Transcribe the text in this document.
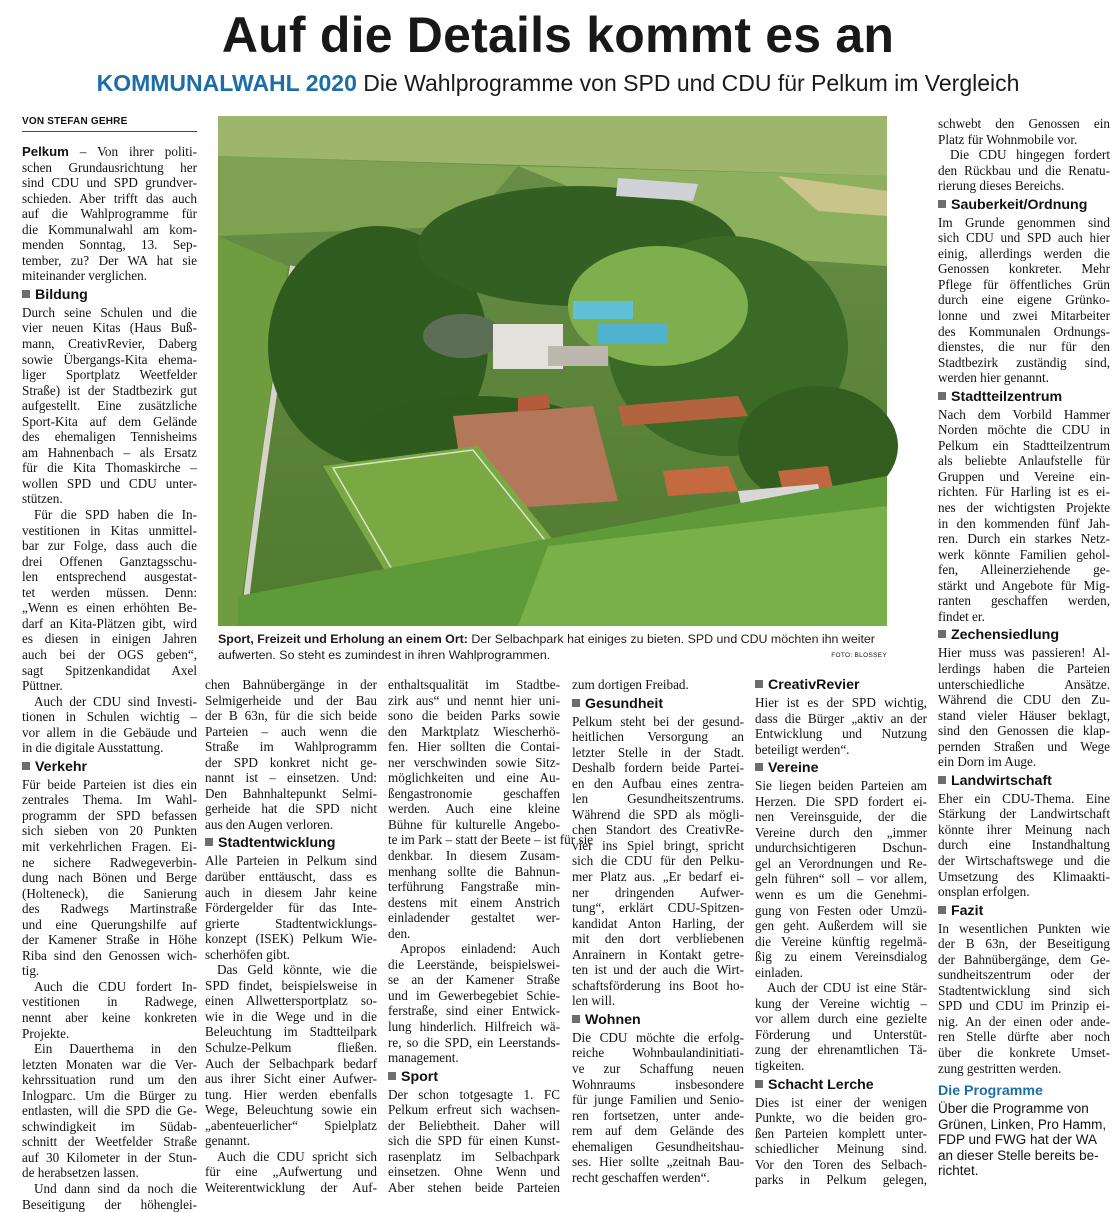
Auf die Details kommt es an
KOMMUNALWAHL 2020 Die Wahlprogramme von SPD und CDU für Pelkum im Vergleich
VON STEFAN GEHRE
Pelkum – Von ihrer politi-
schen Grundausrichtung her
sind CDU und SPD grundver-
schieden. Aber trifft das auch
auf die Wahlprogramme für
die Kommunalwahl am kom-
menden Sonntag, 13. Sep-
tember, zu? Der WA hat sie
miteinander verglichen.
Bildung
Durch seine Schulen und die
vier neuen Kitas (Haus Buß-
mann, CreativRevier, Daberg
sowie Übergangs-Kita ehema-
liger Sportplatz Weetfelder
Straße) ist der Stadtbezirk gut
aufgestellt. Eine zusätzliche
Sport-Kita auf dem Gelände
des ehemaligen Tennisheims
am Hahnenbach – als Ersatz
für die Kita Thomaskirche –
wollen SPD und CDU unter-
stützen.
Für die SPD haben die In-
vestitionen in Kitas unmittel-
bar zur Folge, dass auch die
drei Offenen Ganztagsschu-
len entsprechend ausgestat-
tet werden müssen. Denn:
„Wenn es einen erhöhten Be-
darf an Kita-Plätzen gibt, wird
es diesen in einigen Jahren
auch bei der OGS geben“,
sagt Spitzenkandidat Axel
Püttner.
Auch der CDU sind Investi-
tionen in Schulen wichtig –
vor allem in die Gebäude und
in die digitale Ausstattung.
Verkehr
Für beide Parteien ist dies ein
zentrales Thema. Im Wahl-
programm der SPD befassen
sich sieben von 20 Punkten
mit verkehrlichen Fragen. Ei-
ne sichere Radwegeverbin-
dung nach Bönen und Berge
(Holteneck), die Sanierung
des Radwegs Martinstraße
und eine Querungshilfe auf
der Kamener Straße in Höhe
Riba sind den Genossen wich-
tig.
Auch die CDU fordert In-
vestitionen in Radwege,
nennt aber keine konkreten
Projekte.
Ein Dauerthema in den
letzten Monaten war die Ver-
kehrssituation rund um den
Inlogparc. Um die Bürger zu
entlasten, will die SPD die Ge-
schwindigkeit im Südab-
schnitt der Weetfelder Straße
auf 30 Kilometer in der Stun-
de herabsetzen lassen.
Und dann sind da noch die
Beseitigung der höhenglei-
chen Bahnübergänge in der
Selmigerheide und der Bau
der B 63n, für die sich beide
Parteien – auch wenn die
Straße im Wahlprogramm
der SPD konkret nicht ge-
nannt ist – einsetzen. Und:
Den Bahnhaltepunkt Selmi-
gerheide hat die SPD nicht
aus den Augen verloren.
Stadtentwicklung
Alle Parteien in Pelkum sind
darüber enttäuscht, dass es
auch in diesem Jahr keine
Fördergelder für das Inte-
grierte Stadtentwicklungs-
konzept (ISEK) Pelkum Wie-
scherhöfen gibt.
Das Geld könnte, wie die
SPD findet, beispielsweise in
einen Allwettersportplatz so-
wie in die Wege und in die
Beleuchtung im Stadtteilpark
Schulze-Pelkum fließen.
Auch der Selbachpark bedarf
aus ihrer Sicht einer Aufwer-
tung. Hier werden ebenfalls
Wege, Beleuchtung sowie ein
„abenteuerlicher“ Spielplatz
genannt.
Auch die CDU spricht sich
für eine „Aufwertung und
Weiterentwicklung der Auf-
enthaltsqualität im Stadtbe-
zirk aus“ und nennt hier uni-
sono die beiden Parks sowie
den Marktplatz Wiescherhö-
fen. Hier sollten die Contai-
ner verschwinden sowie Sitz-
möglichkeiten und eine Au-
ßengastronomie geschaffen
werden. Auch eine kleine
Bühne für kulturelle Angebo-
te im Park – statt der Beete – ist für sie
denkbar. In diesem Zusam-
menhang sollte die Bahnun-
terführung Fangstraße min-
destens mit einem Anstrich
einladender gestaltet wer-
den.
Apropos einladend: Auch
die Leerstände, beispielswei-
se an der Kamener Straße
und im Gewerbegebiet Schie-
ferstraße, sind einer Entwick-
lung hinderlich. Hilfreich wä-
re, so die SPD, ein Leerstands-
management.
Sport
Der schon totgesagte 1. FC
Pelkum erfreut sich wachsen-
der Beliebtheit. Daher will
sich die SPD für einen Kunst-
rasenplatz im Selbachpark
einsetzen. Ohne Wenn und
Aber stehen beide Parteien
zum dortigen Freibad.
Gesundheit
Pelkum steht bei der gesund-
heitlichen Versorgung an
letzter Stelle in der Stadt.
Deshalb fordern beide Partei-
en den Aufbau eines zentra-
len Gesundheitszentrums.
Während die SPD als mögli-
chen Standort des CreativRe-
vier ins Spiel bringt, spricht
sich die CDU für den Pelku-
mer Platz aus. „Er bedarf ei-
ner dringenden Aufwer-
tung“, erklärt CDU-Spitzen-
kandidat Anton Harling, der
mit den dort verbliebenen
Anrainern in Kontakt getre-
ten ist und der auch die Wirt-
schaftsförderung ins Boot ho-
len will.
Wohnen
Die CDU möchte die erfolg-
reiche Wohnbaulandinitiati-
ve zur Schaffung neuen
Wohnraums insbesondere
für junge Familien und Senio-
ren fortsetzen, unter ande-
rem auf dem Gelände des
ehemaligen Gesundheitshau-
ses. Hier sollte „zeitnah Bau-
recht geschaffen werden“.
CreativRevier
Hier ist es der SPD wichtig,
dass die Bürger „aktiv an der
Entwicklung und Nutzung
beteiligt werden“.
Vereine
Sie liegen beiden Parteien am
Herzen. Die SPD fordert ei-
nen Vereinsguide, der die
Vereine durch den „immer
undurchsichtigeren Dschun-
gel an Verordnungen und Re-
geln führen“ soll – vor allem,
wenn es um die Genehmi-
gung von Festen oder Umzü-
gen geht. Außerdem will sie
die Vereine künftig regelmä-
ßig zu einem Vereinsdialog
einladen.
Auch der CDU ist eine Stär-
kung der Vereine wichtig –
vor allem durch eine gezielte
Förderung und Unterstüt-
zung der ehrenamtlichen Tä-
tigkeiten.
Schacht Lerche
Dies ist einer der wenigen
Punkte, wo die beiden gro-
ßen Parteien komplett unter-
schiedlicher Meinung sind.
Vor den Toren des Selbach-
parks in Pelkum gelegen,
schwebt den Genossen ein
Platz für Wohnmobile vor.
Die CDU hingegen fordert
den Rückbau und die Renatu-
rierung dieses Bereichs.
Sauberkeit/Ordnung
Im Grunde genommen sind
sich CDU und SPD auch hier
einig, allerdings werden die
Genossen konkreter. Mehr
Pflege für öffentliches Grün
durch eine eigene Grünko-
lonne und zwei Mitarbeiter
des Kommunalen Ordnungs-
dienstes, die nur für den
Stadtbezirk zuständig sind,
werden hier genannt.
Stadtteilzentrum
Nach dem Vorbild Hammer
Norden möchte die CDU in
Pelkum ein Stadtteilzentrum
als beliebte Anlaufstelle für
Gruppen und Vereine ein-
richten. Für Harling ist es ei-
nes der wichtigsten Projekte
in den kommenden fünf Jah-
ren. Durch ein starkes Netz-
werk könnte Familien gehol-
fen, Alleinerziehende ge-
stärkt und Angebote für Mig-
ranten geschaffen werden,
findet er.
Zechensiedlung
Hier muss was passieren! Al-
lerdings haben die Parteien
unterschiedliche Ansätze.
Während die CDU den Zu-
stand vieler Häuser beklagt,
sind den Genossen die klap-
pernden Straßen und Wege
ein Dorn im Auge.
Landwirtschaft
Eher ein CDU-Thema. Eine
Stärkung der Landwirtschaft
könnte ihrer Meinung nach
durch eine Instandhaltung
der Wirtschaftswege und die
Umsetzung des Klimaakti-
onsplan erfolgen.
Fazit
In wesentlichen Punkten wie
der B 63n, der Beseitigung
der Bahnübergänge, dem Ge-
sundheitszentrum oder der
Stadtentwicklung sind sich
SPD und CDU im Prinzip ei-
nig. An der einen oder ande-
ren Stelle dürfte aber noch
über die konkrete Umset-
zung gestritten werden.
Die Programme
Über die Programme von
Grünen, Linken, Pro Hamm,
FDP und FWG hat der WA
an dieser Stelle bereits be-
richtet.
Sport, Freizeit und Erholung an einem Ort: Der Selbachpark hat einiges zu bieten. SPD und CDU möchten ihn weiter aufwerten. So steht es zumindest in ihren Wahlprogrammen.	FOTO: BLOSSEY
